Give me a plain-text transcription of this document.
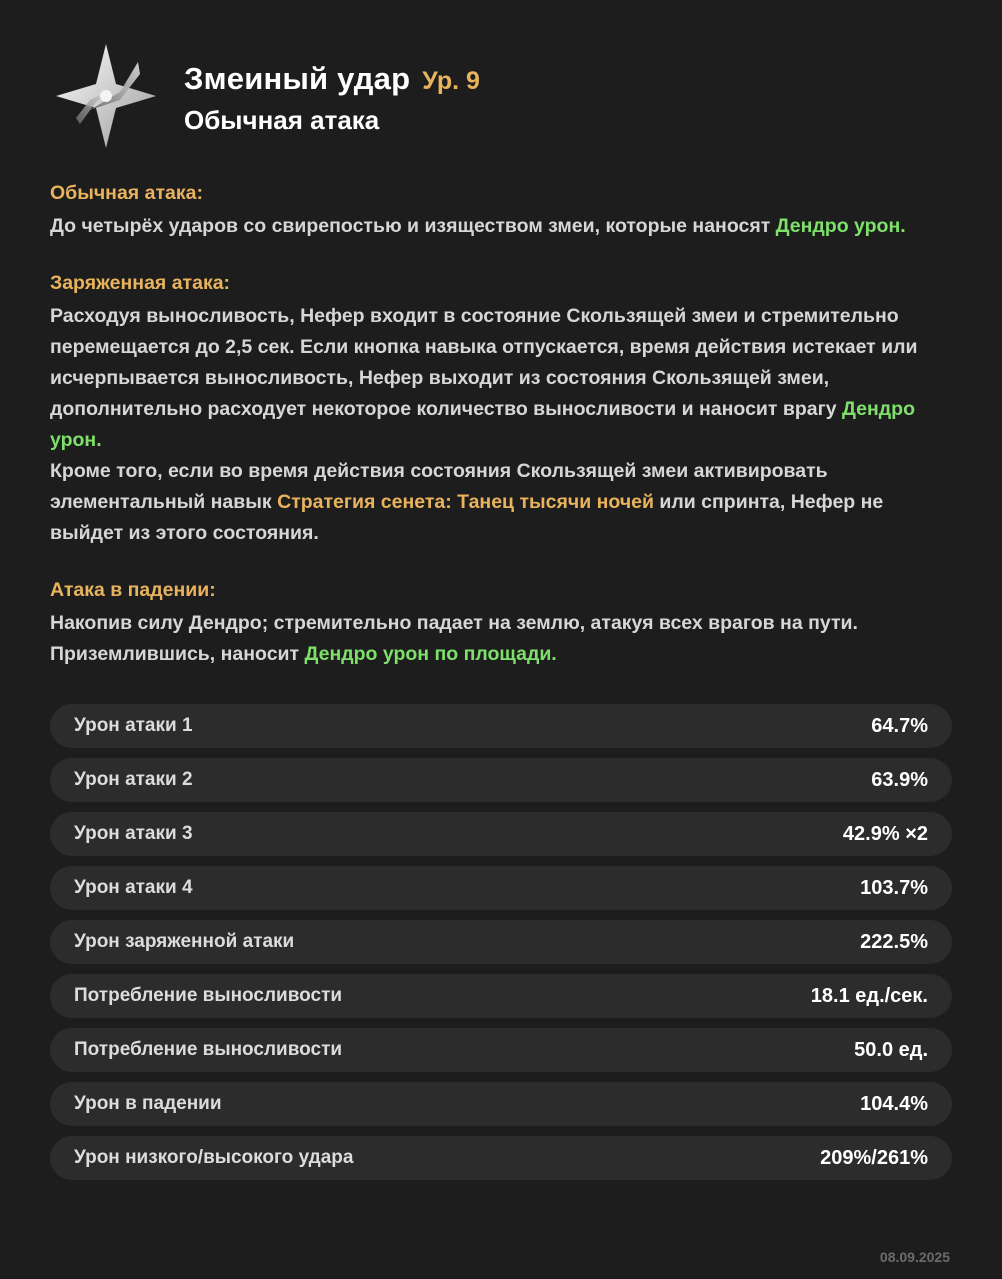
Змеиный удар Ур. 9
Обычная атака
Обычная атака:
До четырёх ударов со свирепостью и изяществом змеи, которые наносят Дендро урон.
Заряженная атака:
Расходуя выносливость, Нефер входит в состояние Скользящей змеи и стремительно перемещается до 2,5 сек. Если кнопка навыка отпускается, время действия истекает или исчерпывается выносливость, Нефер выходит из состояния Скользящей змеи, дополнительно расходует некоторое количество выносливости и наносит врагу Дендро урон.
Кроме того, если во время действия состояния Скользящей змеи активировать элементальный навык Стратегия сенета: Танец тысячи ночей или спринта, Нефер не выйдет из этого состояния.
Атака в падении:
Накопив силу Дендро; стремительно падает на землю, атакуя всех врагов на пути. Приземлившись, наносит Дендро урон по площади.
Урон атаки 1	64.7%
Урон атаки 2	63.9%
Урон атаки 3	42.9% ×2
Урон атаки 4	103.7%
Урон заряженной атаки	222.5%
Потребление выносливости	18.1 ед./сек.
Потребление выносливости	50.0 ед.
Урон в падении	104.4%
Урон низкого/высокого удара	209%/261%
08.09.2025
